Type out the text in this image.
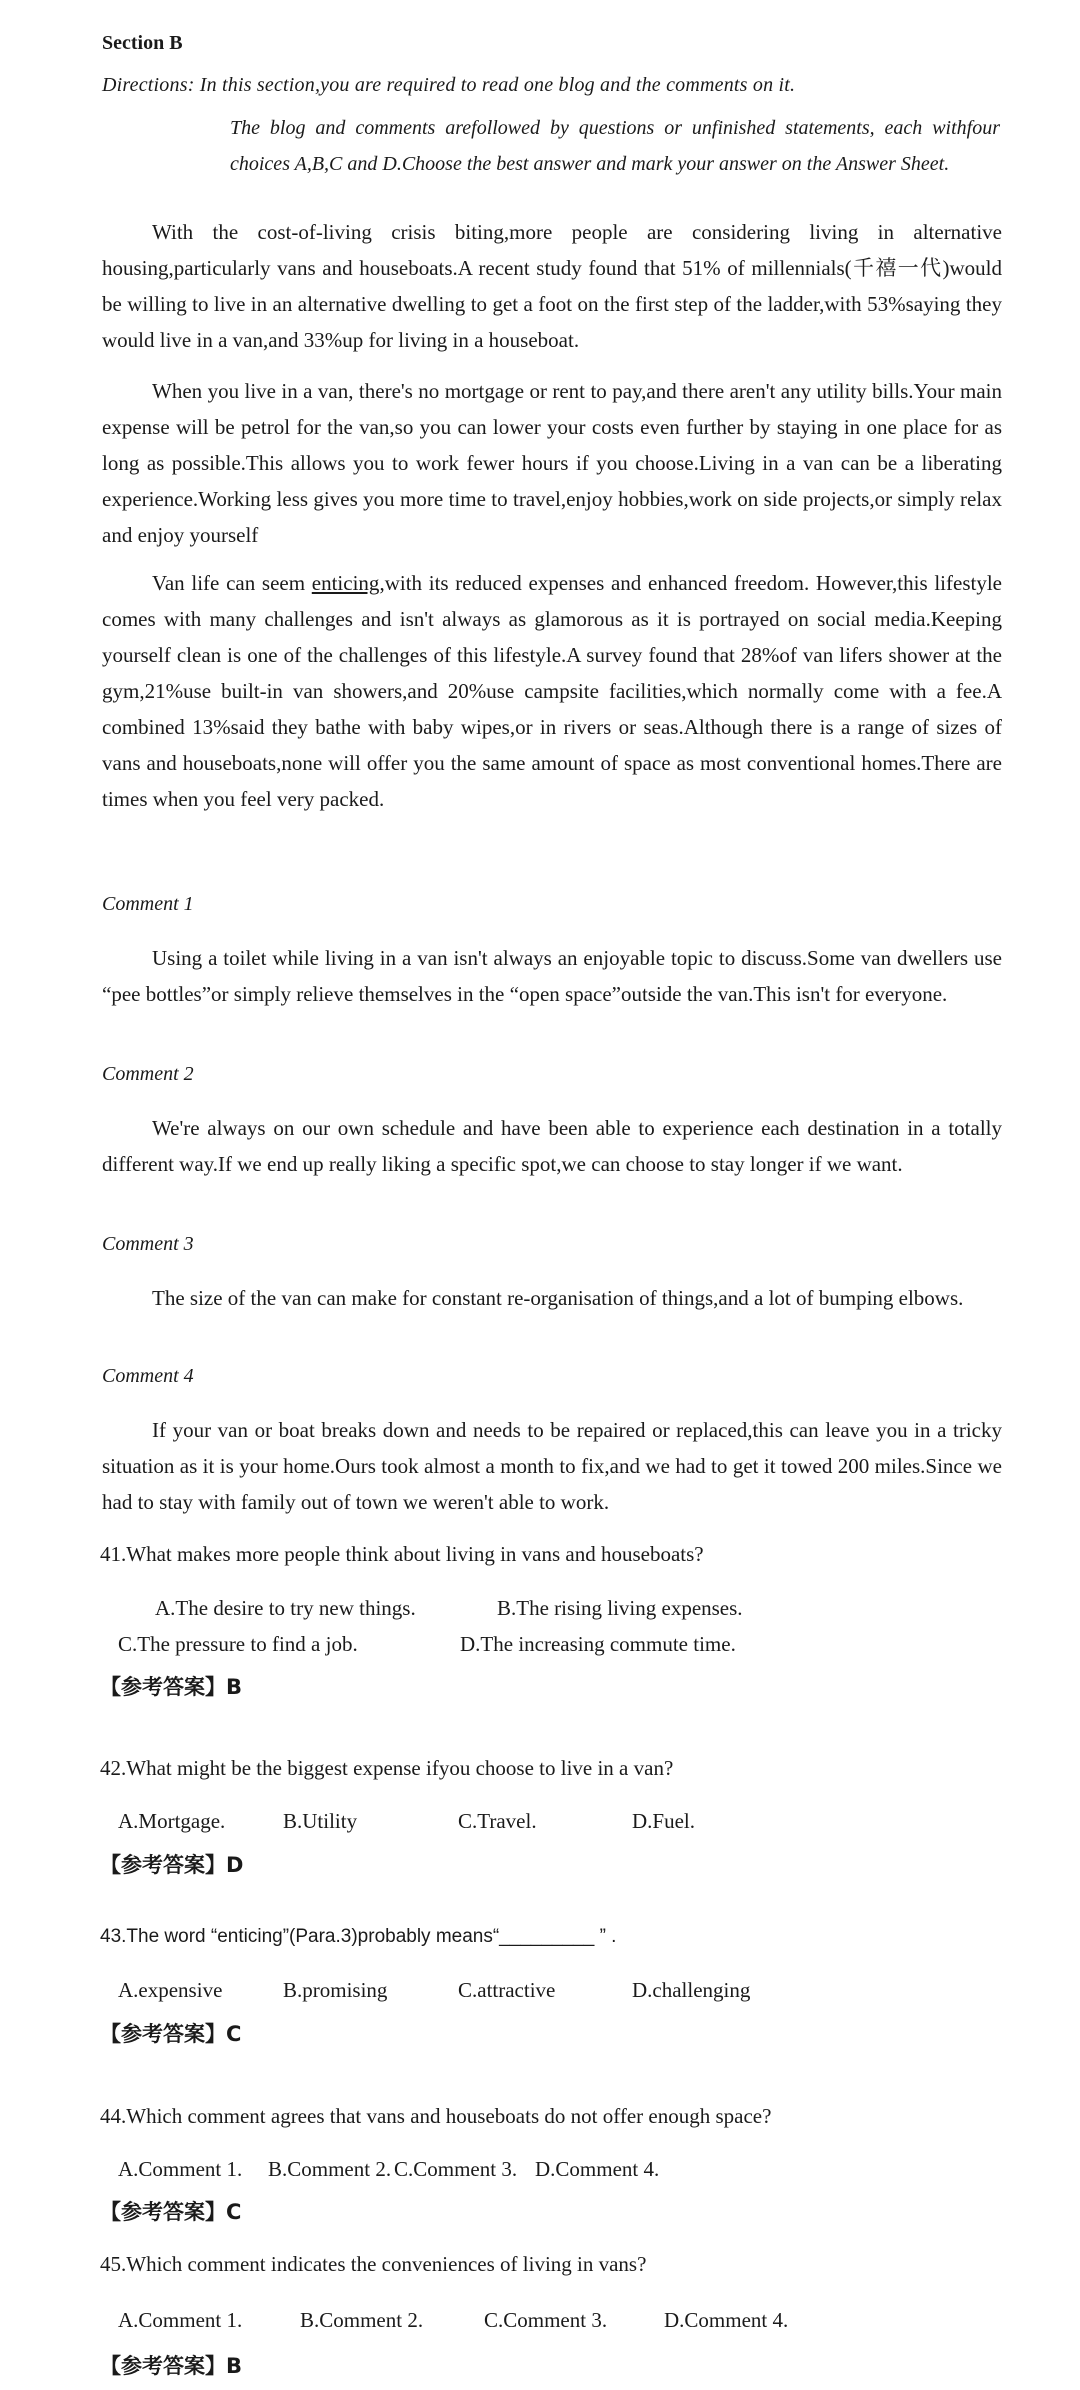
Section B
Directions: In this section,you are required to read one blog and the comments on it.
The blog and comments arefollowed by questions or unfinished statements, each withfour choices A,B,C and D.Choose the best answer and mark your answer on the Answer Sheet.
With the cost-of-living crisis biting,more people are considering living in alternative housing,particularly vans and houseboats.A recent study found that 51% of millennials(千禧一代)would be willing to live in an alternative dwelling to get a foot on the first step of the ladder,with 53%saying they would live in a van,and 33%up for living in a houseboat.
When you live in a van, there's no mortgage or rent to pay,and there aren't any utility bills.Your main expense will be petrol for the van,so you can lower your costs even further by staying in one place for as long as possible.This allows you to work fewer hours if you choose.Living in a van can be a liberating experience.Working less gives you more time to travel,enjoy hobbies,work on side projects,or simply relax and enjoy yourself
Van life can seem enticing,with its reduced expenses and enhanced freedom. However,this lifestyle comes with many challenges and isn't always as glamorous as it is portrayed on social media.Keeping yourself clean is one of the challenges of this lifestyle.A survey found that 28%of van lifers shower at the gym,21%use built-in van showers,and 20%use campsite facilities,which normally come with a fee.A combined 13%said they bathe with baby wipes,or in rivers or seas.Although there is a range of sizes of vans and houseboats,none will offer you the same amount of space as most conventional homes.There are times when you feel very packed.
Comment 1
Using a toilet while living in a van isn't always an enjoyable topic to discuss.Some van dwellers use “pee bottles”or simply relieve themselves in the “open space”outside the van.This isn't for everyone.
Comment 2
We're always on our own schedule and have been able to experience each destination in a totally different way.If we end up really liking a specific spot,we can choose to stay longer if we want.
Comment 3
The size of the van can make for constant re-organisation of things,and a lot of bumping elbows.
Comment 4
If your van or boat breaks down and needs to be repaired or replaced,this can leave you in a tricky situation as it is your home.Ours took almost a month to fix,and we had to get it towed 200 miles.Since we had to stay with family out of town we weren't able to work.
41.What makes more people think about living in vans and houseboats?
A.The desire to try new things.	B.The rising living expenses.
C.The pressure to find a job.	D.The increasing commute time.
【参考答案】B
42.What might be the biggest expense ifyou choose to live in a van?
A.Mortgage.	B.Utility	C.Travel.	D.Fuel.
【参考答案】D
43.The word “enticing”(Para.3)probably means“_________ ” .
A.expensive	B.promising	C.attractive	D.challenging
【参考答案】C
44.Which comment agrees that vans and houseboats do not offer enough space?
A.Comment 1. B.Comment 2. C.Comment 3. D.Comment 4.
【参考答案】C
45.Which comment indicates the conveniences of living in vans?
A.Comment 1.	B.Comment 2.	C.Comment 3.	D.Comment 4.
【参考答案】B
